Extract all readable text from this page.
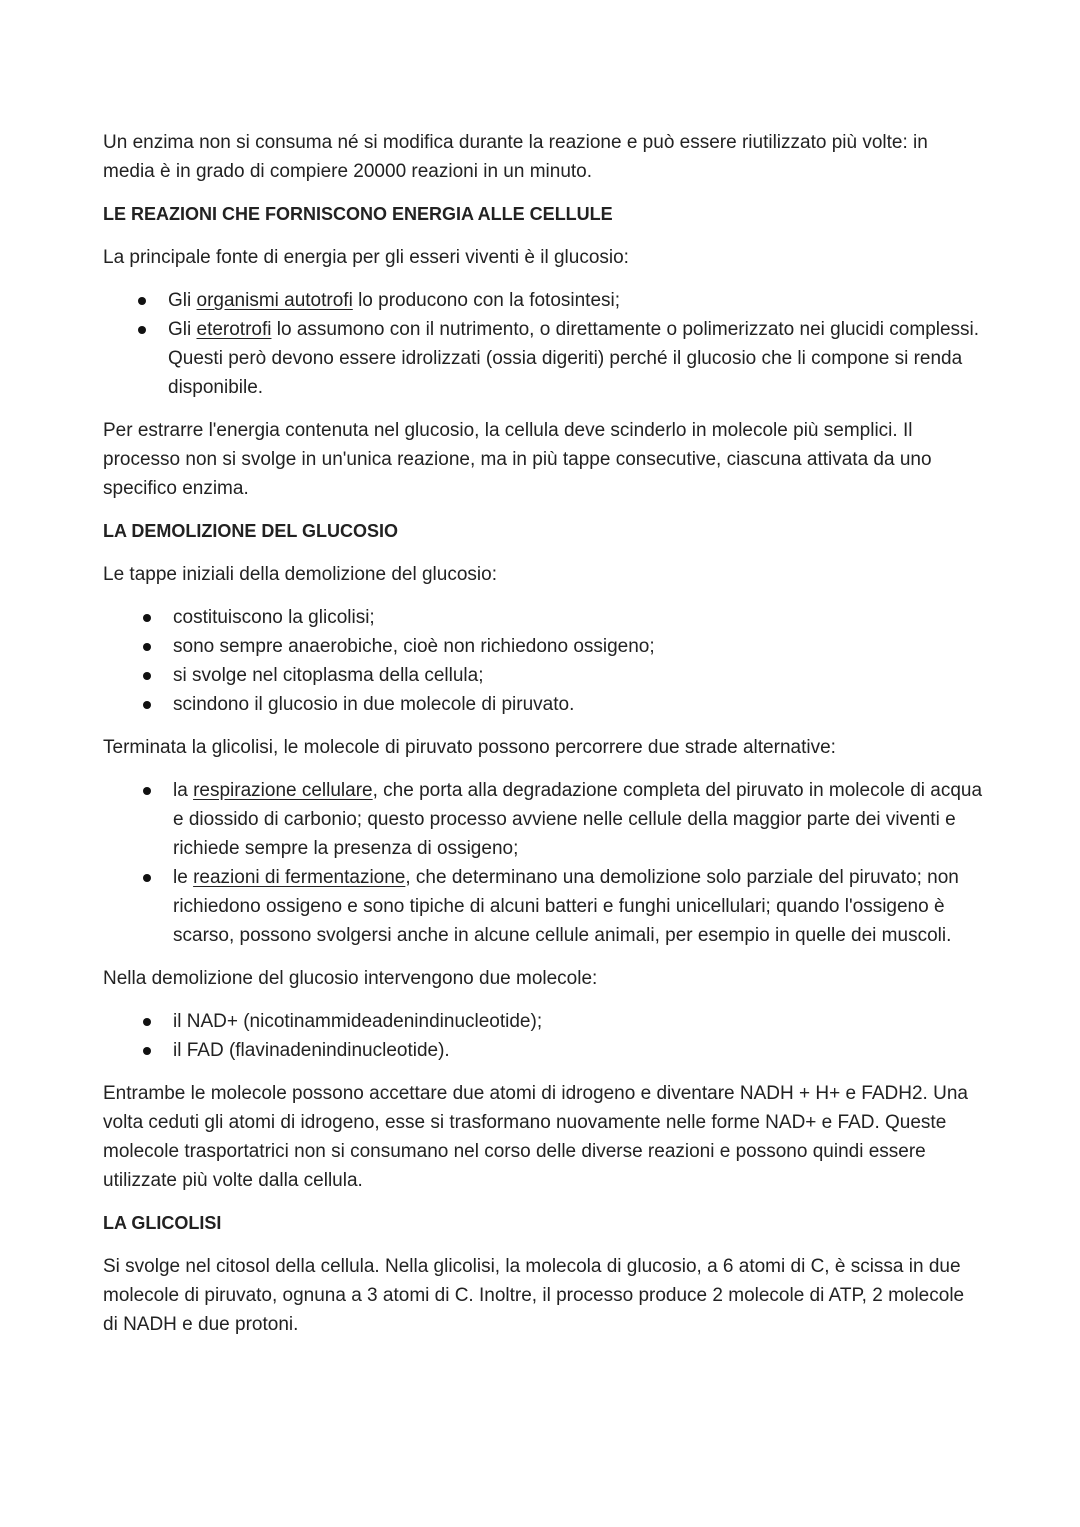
Un enzima non si consuma né si modifica durante la reazione e può essere riutilizzato più volte: in media è in grado di compiere 20000 reazioni in un minuto.

LE REAZIONI CHE FORNISCONO ENERGIA ALLE CELLULE

La principale fonte di energia per gli esseri viventi è il glucosio:

Gli organismi autotrofi lo producono con la fotosintesi;
Gli eterotrofi lo assumono con il nutrimento, o direttamente o polimerizzato nei glucidi complessi. Questi però devono essere idrolizzati (ossia digeriti) perché il glucosio che li compone si renda disponibile.

Per estrarre l'energia contenuta nel glucosio, la cellula deve scinderlo in molecole più semplici. Il processo non si svolge in un'unica reazione, ma in più tappe consecutive, ciascuna attivata da uno specifico enzima.

LA DEMOLIZIONE DEL GLUCOSIO

Le tappe iniziali della demolizione del glucosio:

costituiscono la glicolisi;
sono sempre anaerobiche, cioè non richiedono ossigeno;
si svolge nel citoplasma della cellula;
scindono il glucosio in due molecole di piruvato.

Terminata la glicolisi, le molecole di piruvato possono percorrere due strade alternative:

la respirazione cellulare, che porta alla degradazione completa del piruvato in molecole di acqua e diossido di carbonio; questo processo avviene nelle cellule della maggior parte dei viventi e richiede sempre la presenza di ossigeno;
le reazioni di fermentazione, che determinano una demolizione solo parziale del piruvato; non richiedono ossigeno e sono tipiche di alcuni batteri e funghi unicellulari; quando l'ossigeno è scarso, possono svolgersi anche in alcune cellule animali, per esempio in quelle dei muscoli.

Nella demolizione del glucosio intervengono due molecole:

il NAD+ (nicotinammideadenindinucleotide);
il FAD (flavinadenindinucleotide).

Entrambe le molecole possono accettare due atomi di idrogeno e diventare NADH + H+ e FADH2. Una volta ceduti gli atomi di idrogeno, esse si trasformano nuovamente nelle forme NAD+ e FAD. Queste molecole trasportatrici non si consumano nel corso delle diverse reazioni e possono quindi essere utilizzate più volte dalla cellula.

LA GLICOLISI

Si svolge nel citosol della cellula. Nella glicolisi, la molecola di glucosio, a 6 atomi di C, è scissa in due molecole di piruvato, ognuna a 3 atomi di C. Inoltre, il processo produce 2 molecole di ATP, 2 molecole di NADH e due protoni.
